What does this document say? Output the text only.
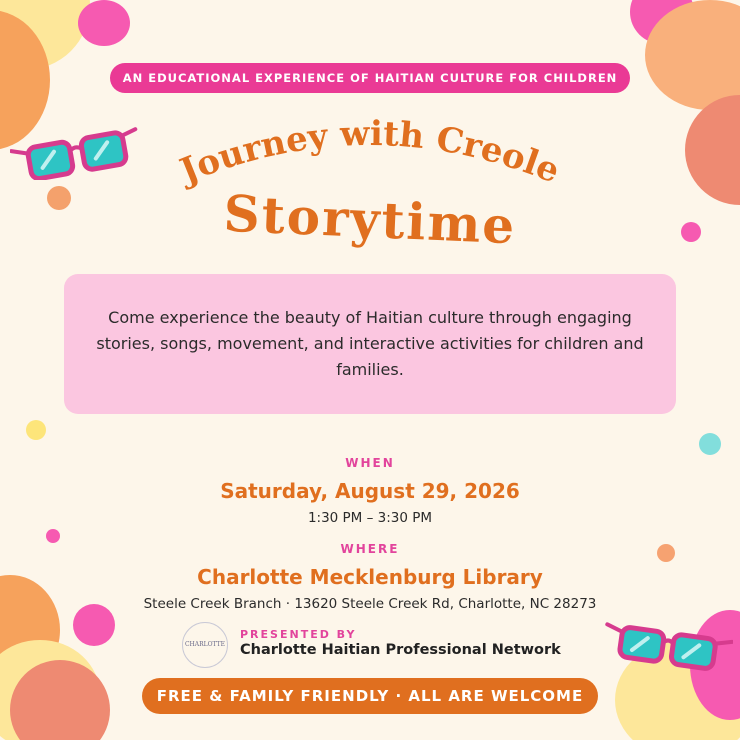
AN EDUCATIONAL EXPERIENCE OF HAITIAN CULTURE FOR CHILDREN
Journey with Creole
Storytime
Come experience the beauty of Haitian culture through engaging stories, songs, movement, and interactive activities for children and families.
WHEN
Saturday, August 29, 2026
1:30 PM – 3:30 PM
WHERE
Charlotte Mecklenburg Library
Steele Creek Branch · 13620 Steele Creek Rd, Charlotte, NC 28273
CHARLOTTE
PRESENTED BY
Charlotte Haitian Professional Network
FREE & FAMILY FRIENDLY · ALL ARE WELCOME
